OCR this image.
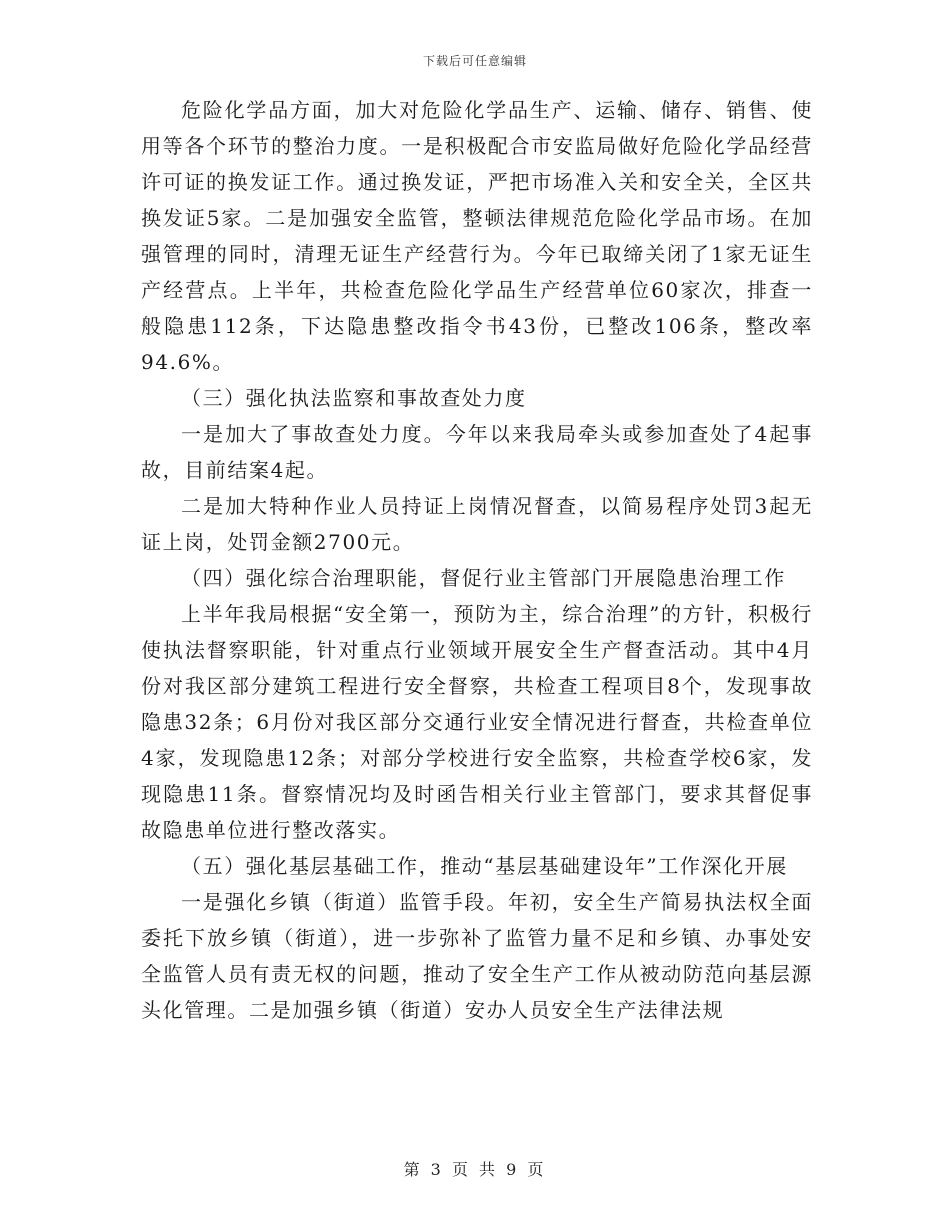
下载后可任意编辑

危险化学品方面，加大对危险化学品生产、运输、储存、销售、使用等各个环节的整治力度。一是积极配合市安监局做好危险化学品经营许可证的换发证工作。通过换发证，严把市场准入关和安全关，全区共换发证5家。二是加强安全监管，整顿法律规范危险化学品市场。在加强管理的同时，清理无证生产经营行为。今年已取缔关闭了1家无证生产经营点。上半年，共检查危险化学品生产经营单位60家次，排查一般隐患112条，下达隐患整改指令书43份，已整改106条，整改率94.6%。

（三）强化执法监察和事故查处力度

一是加大了事故查处力度。今年以来我局牵头或参加查处了4起事故，目前结案4起。

二是加大特种作业人员持证上岗情况督查，以简易程序处罚3起无证上岗，处罚金额2700元。

（四）强化综合治理职能，督促行业主管部门开展隐患治理工作

上半年我局根据“安全第一，预防为主，综合治理”的方针，积极行使执法督察职能，针对重点行业领域开展安全生产督查活动。其中4月份对我区部分建筑工程进行安全督察，共检查工程项目8个，发现事故隐患32条；6月份对我区部分交通行业安全情况进行督查，共检查单位4家，发现隐患12条；对部分学校进行安全监察，共检查学校6家，发现隐患11条。督察情况均及时函告相关行业主管部门，要求其督促事故隐患单位进行整改落实。

（五）强化基层基础工作，推动“基层基础建设年”工作深化开展

一是强化乡镇（街道）监管手段。年初，安全生产简易执法权全面委托下放乡镇（街道），进一步弥补了监管力量不足和乡镇、办事处安全监管人员有责无权的问题，推动了安全生产工作从被动防范向基层源头化管理。二是加强乡镇（街道）安办人员安全生产法律法规

第 3 页 共 9 页
